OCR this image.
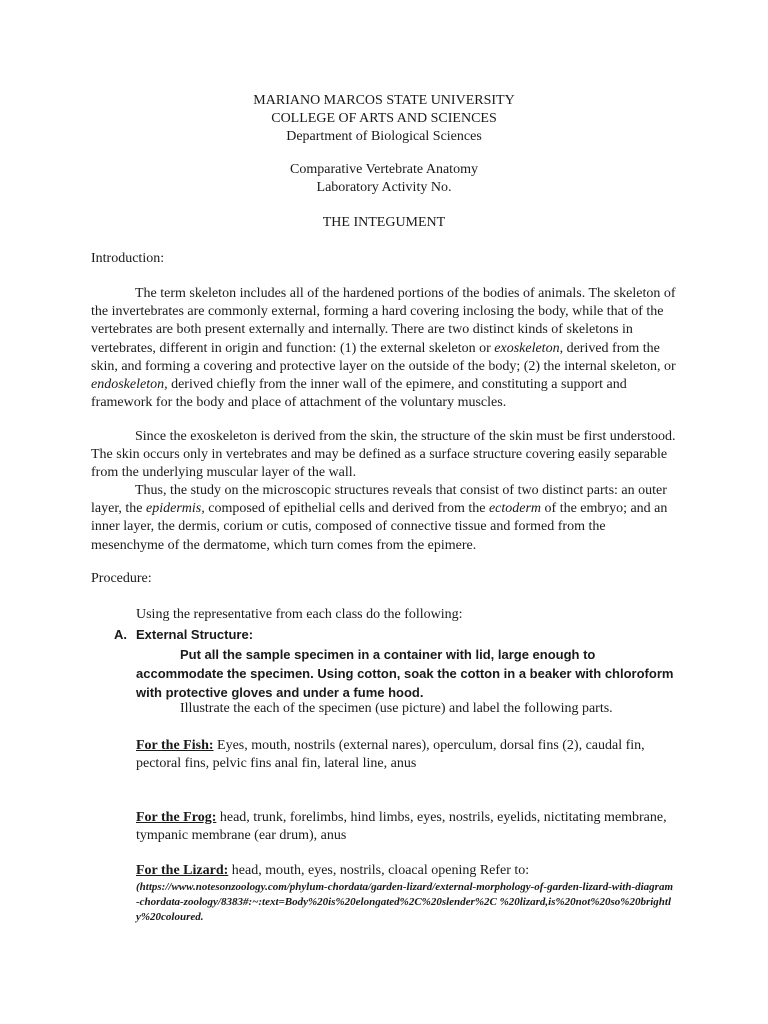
MARIANO MARCOS STATE UNIVERSITY
COLLEGE OF ARTS AND SCIENCES
Department of Biological Sciences
Comparative Vertebrate Anatomy
Laboratory Activity No.
THE INTEGUMENT
Introduction:

The term skeleton includes all of the hardened portions of the bodies of animals. The skeleton of the invertebrates are commonly external, forming a hard covering inclosing the body, while that of the vertebrates are both present externally and internally. There are two distinct kinds of skeletons in vertebrates, different in origin and function: (1) the external skeleton or exoskeleton, derived from the skin, and forming a covering and protective layer on the outside of the body; (2) the internal skeleton, or endoskeleton, derived chiefly from the inner wall of the epimere, and constituting a support and framework for the body and place of attachment of the voluntary muscles.

Since the exoskeleton is derived from the skin, the structure of the skin must be first understood. The skin occurs only in vertebrates and may be defined as a surface structure covering easily separable from the underlying muscular layer of the wall.

Thus, the study on the microscopic structures reveals that consist of two distinct parts: an outer layer, the epidermis, composed of epithelial cells and derived from the ectoderm of the embryo; and an inner layer, the dermis, corium or cutis, composed of connective tissue and formed from the mesenchyme of the dermatome, which turn comes from the epimere.

Procedure:
Using the representative from each class do the following:
A. External Structure:

Put all the sample specimen in a container with lid, large enough to accommodate the specimen. Using cotton, soak the cotton in a beaker with chloroform with protective gloves and under a fume hood.

Illustrate the each of the specimen (use picture) and label the following parts.

For the Fish: Eyes, mouth, nostrils (external nares), operculum, dorsal fins (2), caudal fin, pectoral fins, pelvic fins anal fin, lateral line, anus

For the Frog: head, trunk, forelimbs, hind limbs, eyes, nostrils, eyelids, nictitating membrane, tympanic membrane (ear drum), anus

For the Lizard: head, mouth, eyes, nostrils, cloacal opening Refer to:

(https://www.notesonzoology.com/phylum-chordata/garden-lizard/external-morphology-of-garden-lizard-with-diagram-chordata-zoology/8383#:~:text=Body%20is%20elongated%2C%20slender%2C %20lizard,is%20not%20so%20brightly%20coloured.
